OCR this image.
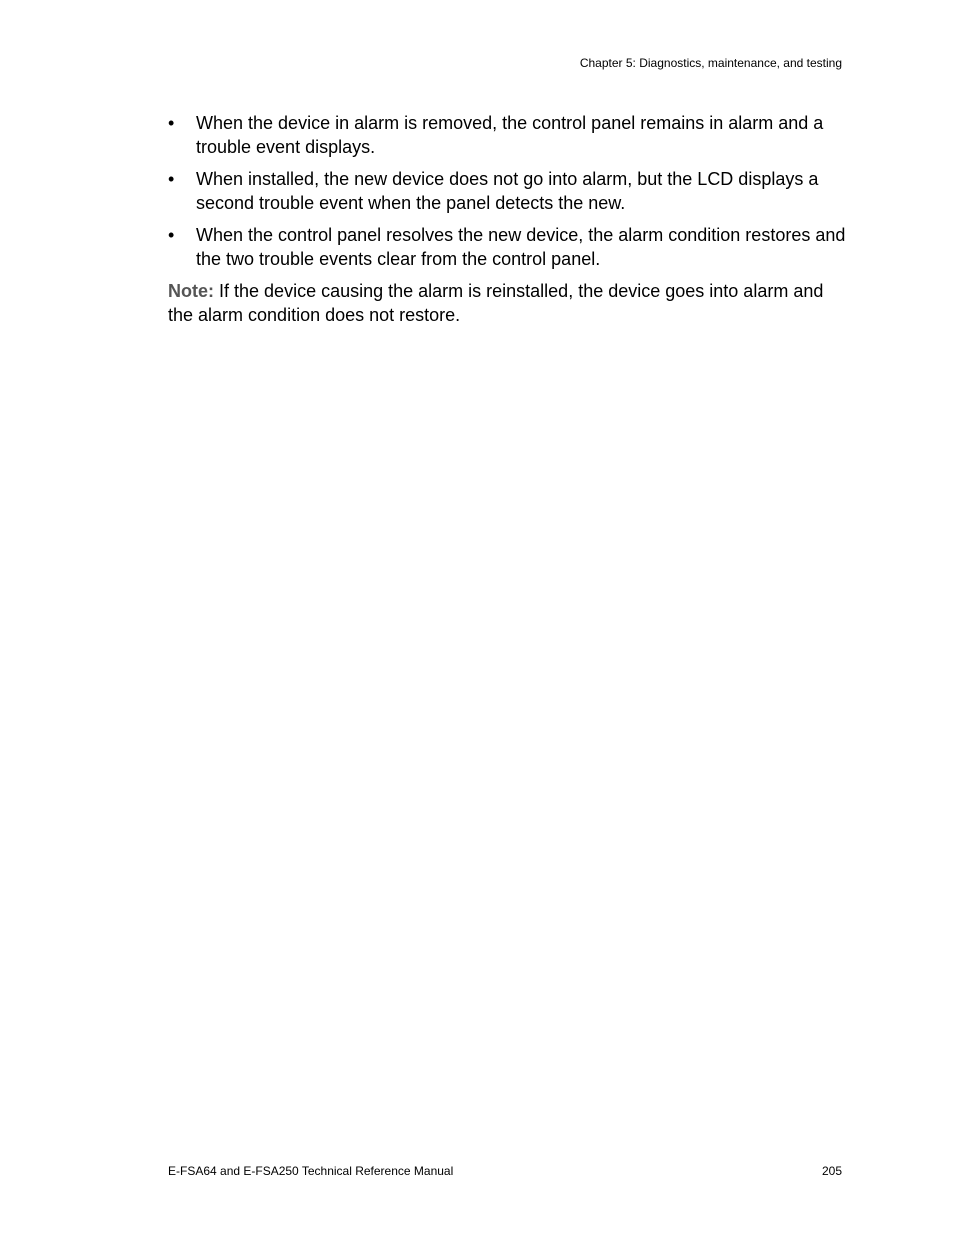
Chapter 5: Diagnostics, maintenance, and testing
• When the device in alarm is removed, the control panel remains in alarm and a trouble event displays.
• When installed, the new device does not go into alarm, but the LCD displays a second trouble event when the panel detects the new.
• When the control panel resolves the new device, the alarm condition restores and the two trouble events clear from the control panel.

Note: If the device causing the alarm is reinstalled, the device goes into alarm and the alarm condition does not restore.

E-FSA64 and E-FSA250 Technical Reference Manual	205
